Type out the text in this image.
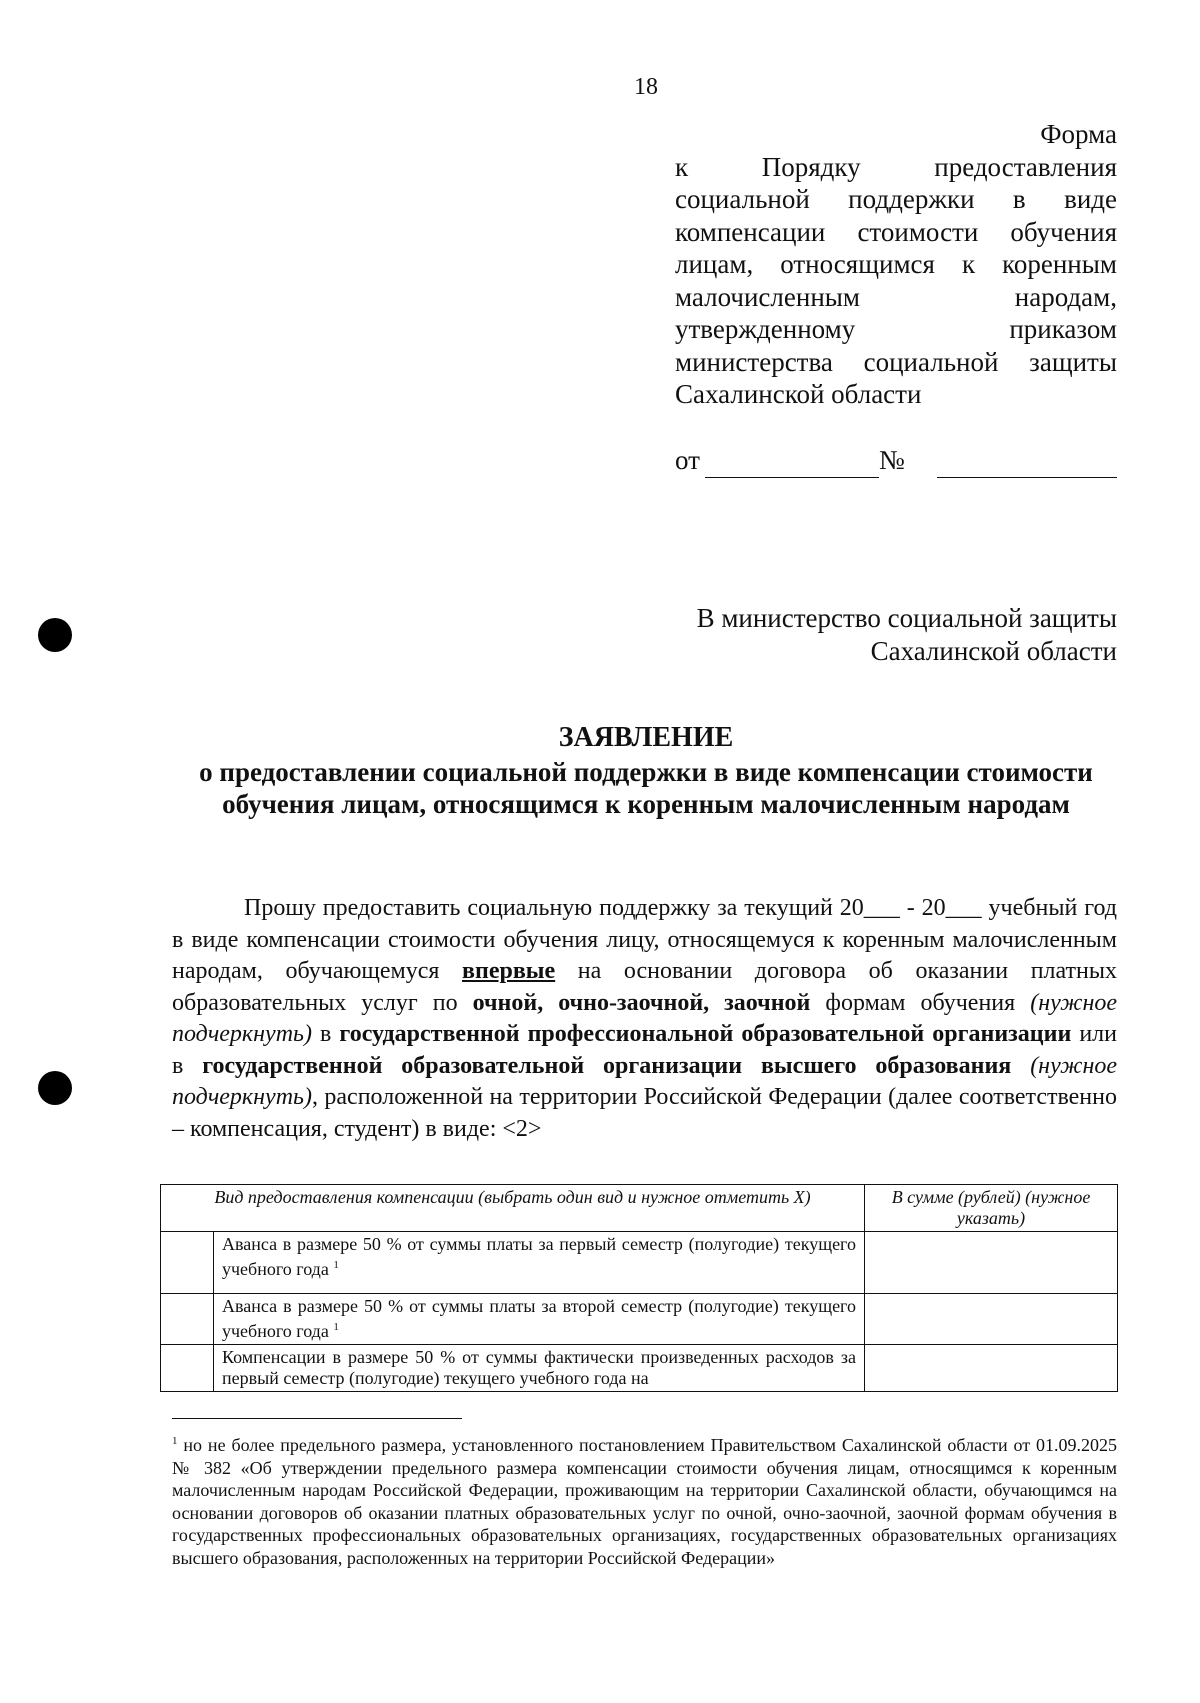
18
Форма
к Порядку предоставления социальной поддержки в виде компенсации стоимости обучения лицам, относящимся к коренным малочисленным народам, утвержденному приказом министерства социальной защиты
Сахалинской области
от	№
В министерство социальной защиты
Сахалинской области
ЗАЯВЛЕНИЕ
о предоставлении социальной поддержки в виде компенсации стоимости обучения лицам, относящимся к коренным малочисленным народам
Прошу предоставить социальную поддержку за текущий 20___ - 20___ учебный год в виде компенсации стоимости обучения лицу, относящемуся к коренным малочисленным народам, обучающемуся впервые на основании договора об оказании платных образовательных услуг по очной, очно-заочной, заочной формам обучения (нужное подчеркнуть) в государственной профессиональной образовательной организации или в государственной образовательной организации высшего образования (нужное подчеркнуть), расположенной на территории Российской Федерации (далее соответственно – компенсация, студент) в виде: <2>
Вид предоставления компенсации (выбрать один вид и нужное отметить Х)		В сумме (рублей) (нужное указать)
	Аванса в размере 50 % от суммы платы за первый семестр (полугодие) текущего учебного года $^1$	
	Аванса в размере 50 % от суммы платы за второй семестр (полугодие) текущего учебного года $^1$	
	Компенсации в размере 50 % от суммы фактически произведенных расходов за первый семестр (полугодие) текущего учебного года на	
$^1$ но не более предельного размера, установленного постановлением Правительством Сахалинской области от 01.09.2025 № 382 «Об утверждении предельного размера компенсации стоимости обучения лицам, относящимся к коренным малочисленным народам Российской Федерации, проживающим на территории Сахалинской области, обучающимся на основании договоров об оказании платных образовательных услуг по очной, очно-заочной, заочной формам обучения в государственных профессиональных образовательных организациях, государственных образовательных организациях высшего образования, расположенных на территории Российской Федерации»
